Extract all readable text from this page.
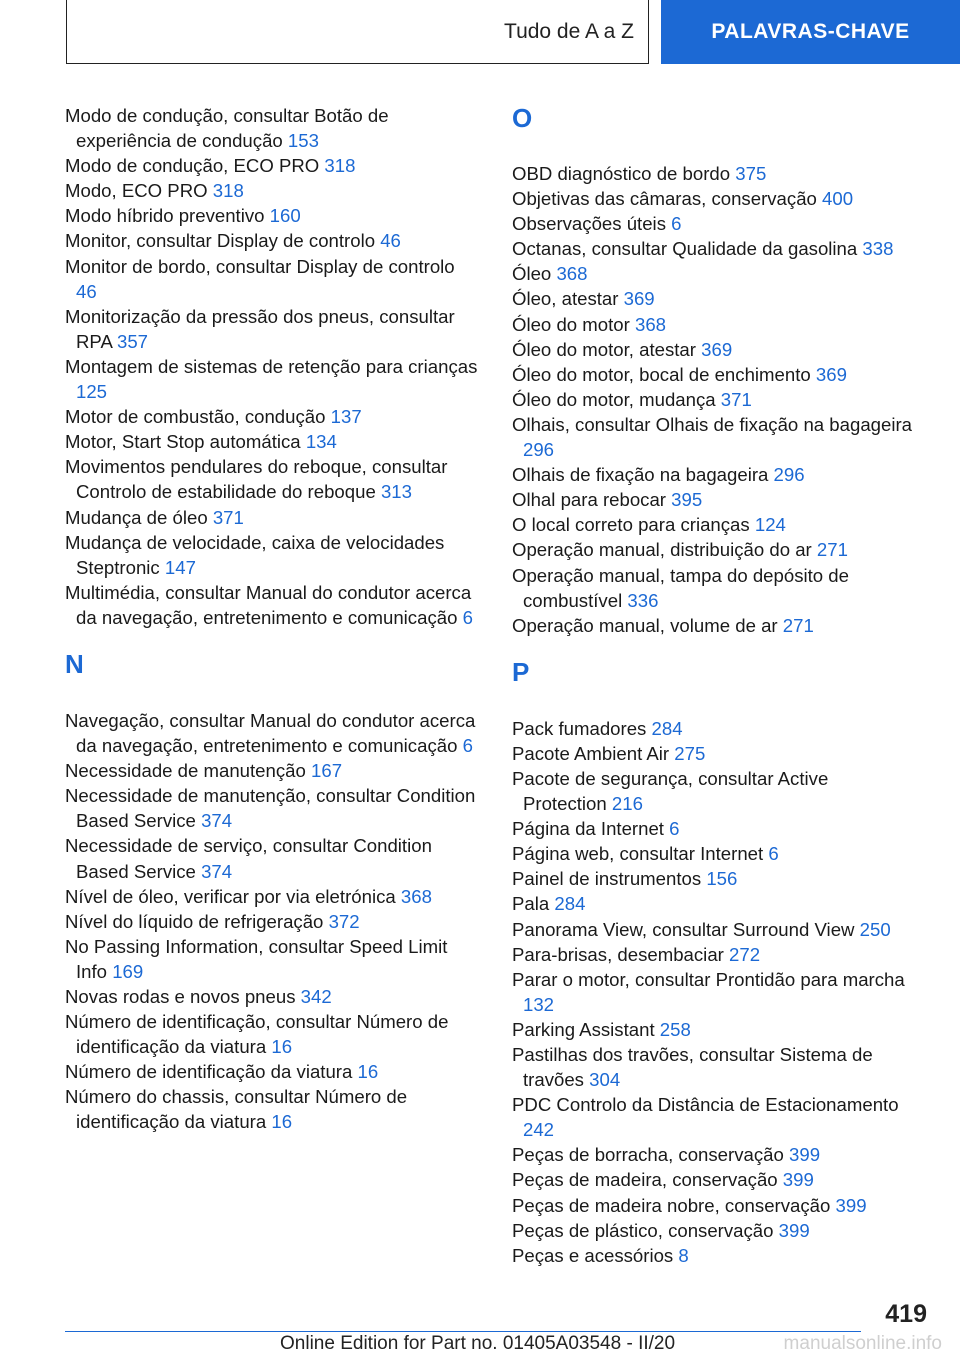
Tudo de A a Z	PALAVRAS-CHAVE
Modo de condução, consultar Botão de experiência de condução 153
Modo de condução, ECO PRO 318
Modo, ECO PRO 318
Modo híbrido preventivo 160
Monitor, consultar Display de controlo 46
Monitor de bordo, consultar Display de controlo 46
Monitorização da pressão dos pneus, consultar RPA 357
Montagem de sistemas de retenção para crianças 125
Motor de combustão, condução 137
Motor, Start Stop automática 134
Movimentos pendulares do reboque, consultar Controlo de estabilidade do reboque 313
Mudança de óleo 371
Mudança de velocidade, caixa de velocidades Steptronic 147
Multimédia, consultar Manual do condutor acerca da navegação, entretenimento e comunicação 6
N
Navegação, consultar Manual do condutor acerca da navegação, entretenimento e comunicação 6
Necessidade de manutenção 167
Necessidade de manutenção, consultar Condition Based Service 374
Necessidade de serviço, consultar Condition Based Service 374
Nível de óleo, verificar por via eletrónica 368
Nível do líquido de refrigeração 372
No Passing Information, consultar Speed Limit Info 169
Novas rodas e novos pneus 342
Número de identificação, consultar Número de identificação da viatura 16
Número de identificação da viatura 16
Número do chassis, consultar Número de identificação da viatura 16
O
OBD diagnóstico de bordo 375
Objetivas das câmaras, conservação 400
Observações úteis 6
Octanas, consultar Qualidade da gasolina 338
Óleo 368
Óleo, atestar 369
Óleo do motor 368
Óleo do motor, atestar 369
Óleo do motor, bocal de enchimento 369
Óleo do motor, mudança 371
Olhais, consultar Olhais de fixação na bagageira 296
Olhais de fixação na bagageira 296
Olhal para rebocar 395
O local correto para crianças 124
Operação manual, distribuição do ar 271
Operação manual, tampa do depósito de combustível 336
Operação manual, volume de ar 271
P
Pack fumadores 284
Pacote Ambient Air 275
Pacote de segurança, consultar Active Protection 216
Página da Internet 6
Página web, consultar Internet 6
Painel de instrumentos 156
Pala 284
Panorama View, consultar Surround View 250
Para-brisas, desembaciar 272
Parar o motor, consultar Prontidão para marcha 132
Parking Assistant 258
Pastilhas dos travões, consultar Sistema de travões 304
PDC Controlo da Distância de Estacionamento 242
Peças de borracha, conservação 399
Peças de madeira, conservação 399
Peças de madeira nobre, conservação 399
Peças de plástico, conservação 399
Peças e acessórios 8
419
Online Edition for Part no. 01405A03548 - II/20	manualsonline.info
